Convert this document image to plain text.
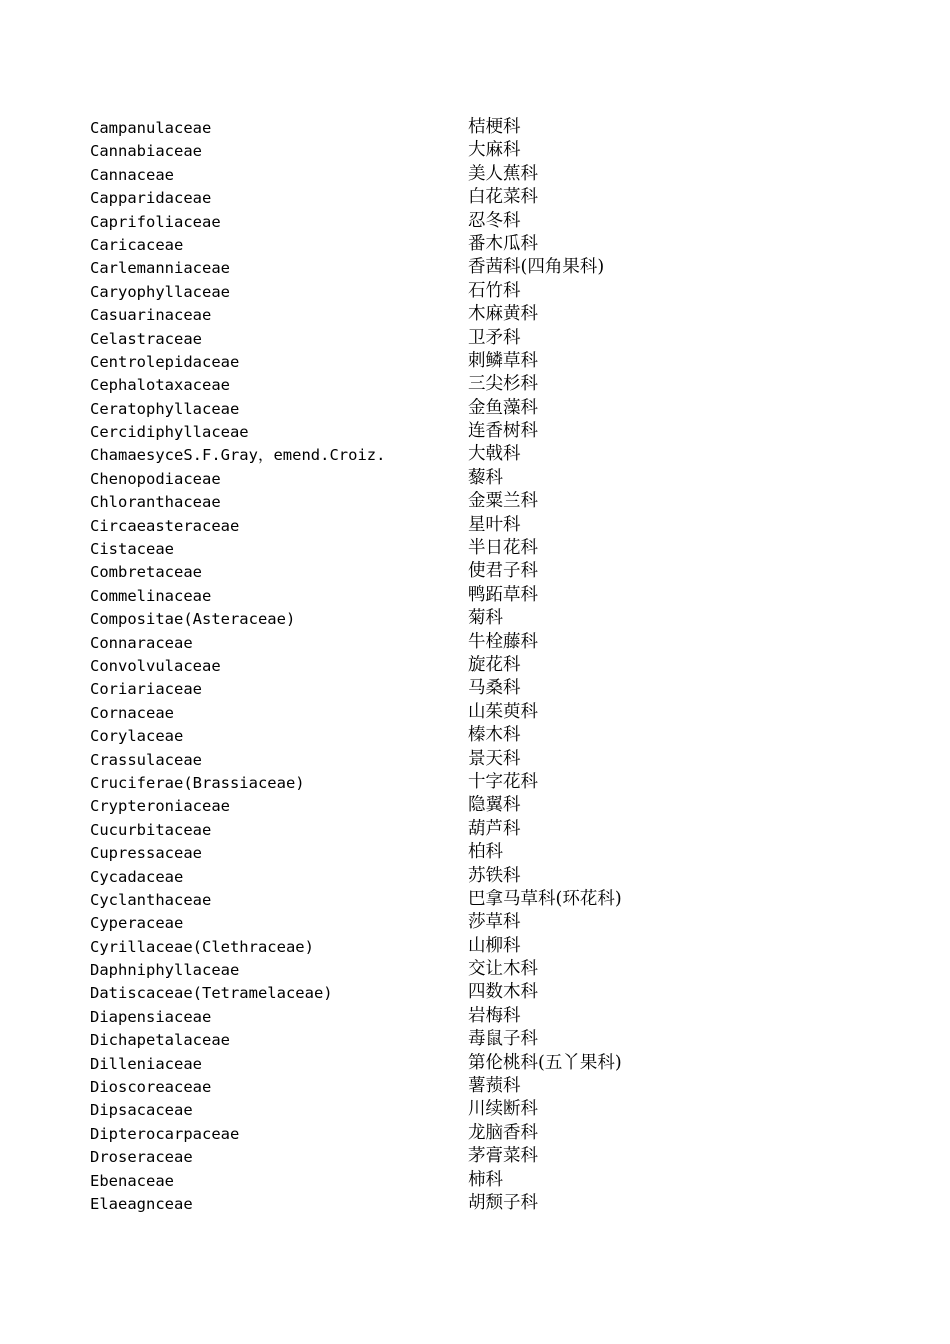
Campanulaceae	桔梗科
Cannabiaceae	大麻科
Cannaceae	美人蕉科
Capparidaceae	白花菜科
Caprifoliaceae	忍冬科
Caricaceae	番木瓜科
Carlemanniaceae	香茜科(四角果科)
Caryophyllaceae	石竹科
Casuarinaceae	木麻黄科
Celastraceae	卫矛科
Centrolepidaceae	刺鳞草科
Cephalotaxaceae	三尖杉科
Ceratophyllaceae	金鱼藻科
Cercidiphyllaceae	连香树科
ChamaesyceS.F.Gray，emend.Croiz.	大戟科
Chenopodiaceae	藜科
Chloranthaceae	金粟兰科
Circaeasteraceae	星叶科
Cistaceae	半日花科
Combretaceae	使君子科
Commelinaceae	鸭跖草科
Compositae(Asteraceae)	菊科
Connaraceae	牛栓藤科
Convolvulaceae	旋花科
Coriariaceae	马桑科
Cornaceae	山茱萸科
Corylaceae	榛木科
Crassulaceae	景天科
Cruciferae(Brassiaceae)	十字花科
Crypteroniaceae	隐翼科
Cucurbitaceae	葫芦科
Cupressaceae	柏科
Cycadaceae	苏铁科
Cyclanthaceae	巴拿马草科(环花科)
Cyperaceae	莎草科
Cyrillaceae(Clethraceae)	山柳科
Daphniphyllaceae	交让木科
Datiscaceae(Tetramelaceae)	四数木科
Diapensiaceae	岩梅科
Dichapetalaceae	毒鼠子科
Dilleniaceae	第伦桃科(五丫果科)
Dioscoreaceae	薯蓣科
Dipsacaceae	川续断科
Dipterocarpaceae	龙脑香科
Droseraceae	茅膏菜科
Ebenaceae	柿科
Elaeagnceae	胡颓子科
